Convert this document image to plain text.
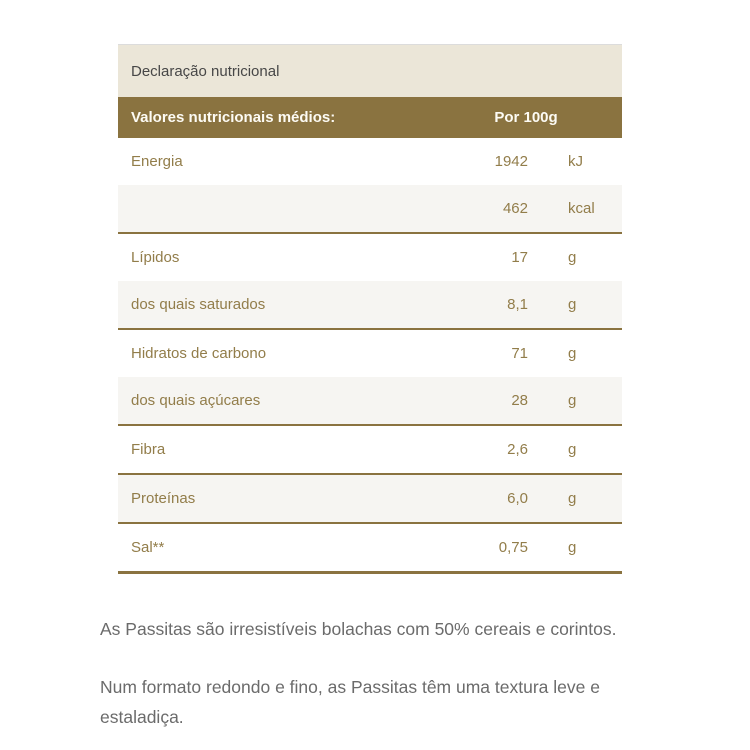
Declaração nutricional		
Valores nutricionais médios:	Por 100g	
Energia	1942	kJ
	462	kcal
Lípidos	17	g
dos quais saturados	8,1	g
Hidratos de carbono	71	g
dos quais açúcares	28	g
Fibra	2,6	g
Proteínas	6,0	g
Sal**	0,75	g

As Passitas são irresistíveis bolachas com 50% cereais e corintos.

Num formato redondo e fino, as Passitas têm uma textura leve e estaladiça.
